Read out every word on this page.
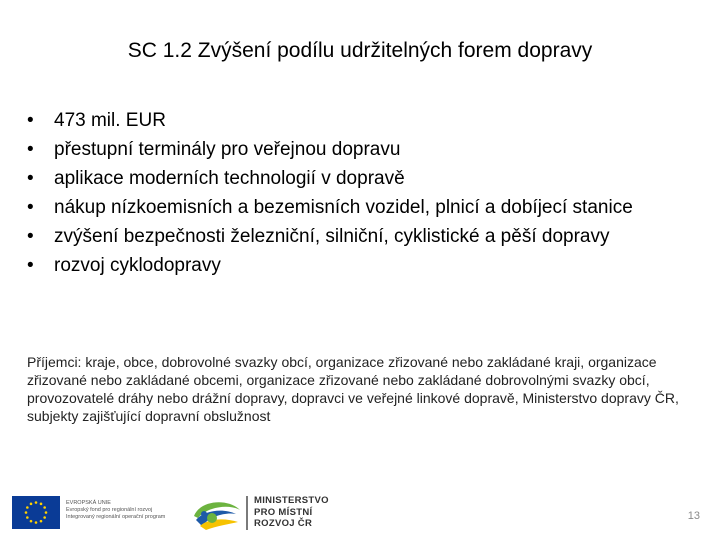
SC 1.2 Zvýšení podílu udržitelných forem dopravy
• 473 mil. EUR
• přestupní terminály pro veřejnou dopravu
• aplikace moderních technologií v dopravě
• nákup nízkoemisních a bezemisních vozidel, plnicí a dobíjecí stanice
• zvýšení bezpečnosti železniční, silniční, cyklistické a pěší dopravy
• rozvoj cyklodopravy
Příjemci: kraje, obce, dobrovolné svazky obcí, organizace zřizované nebo zakládané kraji, organizace zřizované nebo zakládané obcemi, organizace zřizované nebo zakládané dobrovolnými svazky obcí, provozovatelé dráhy nebo drážní dopravy, dopravci ve veřejné linkové dopravě, Ministerstvo dopravy ČR, subjekty zajišťující dopravní obslužnost
EVROPSKÁ UNIE
Evropský fond pro regionální rozvoj
Integrovaný regionální operační program
MINISTERSTVO
PRO MÍSTNÍ
ROZVOJ ČR
13
